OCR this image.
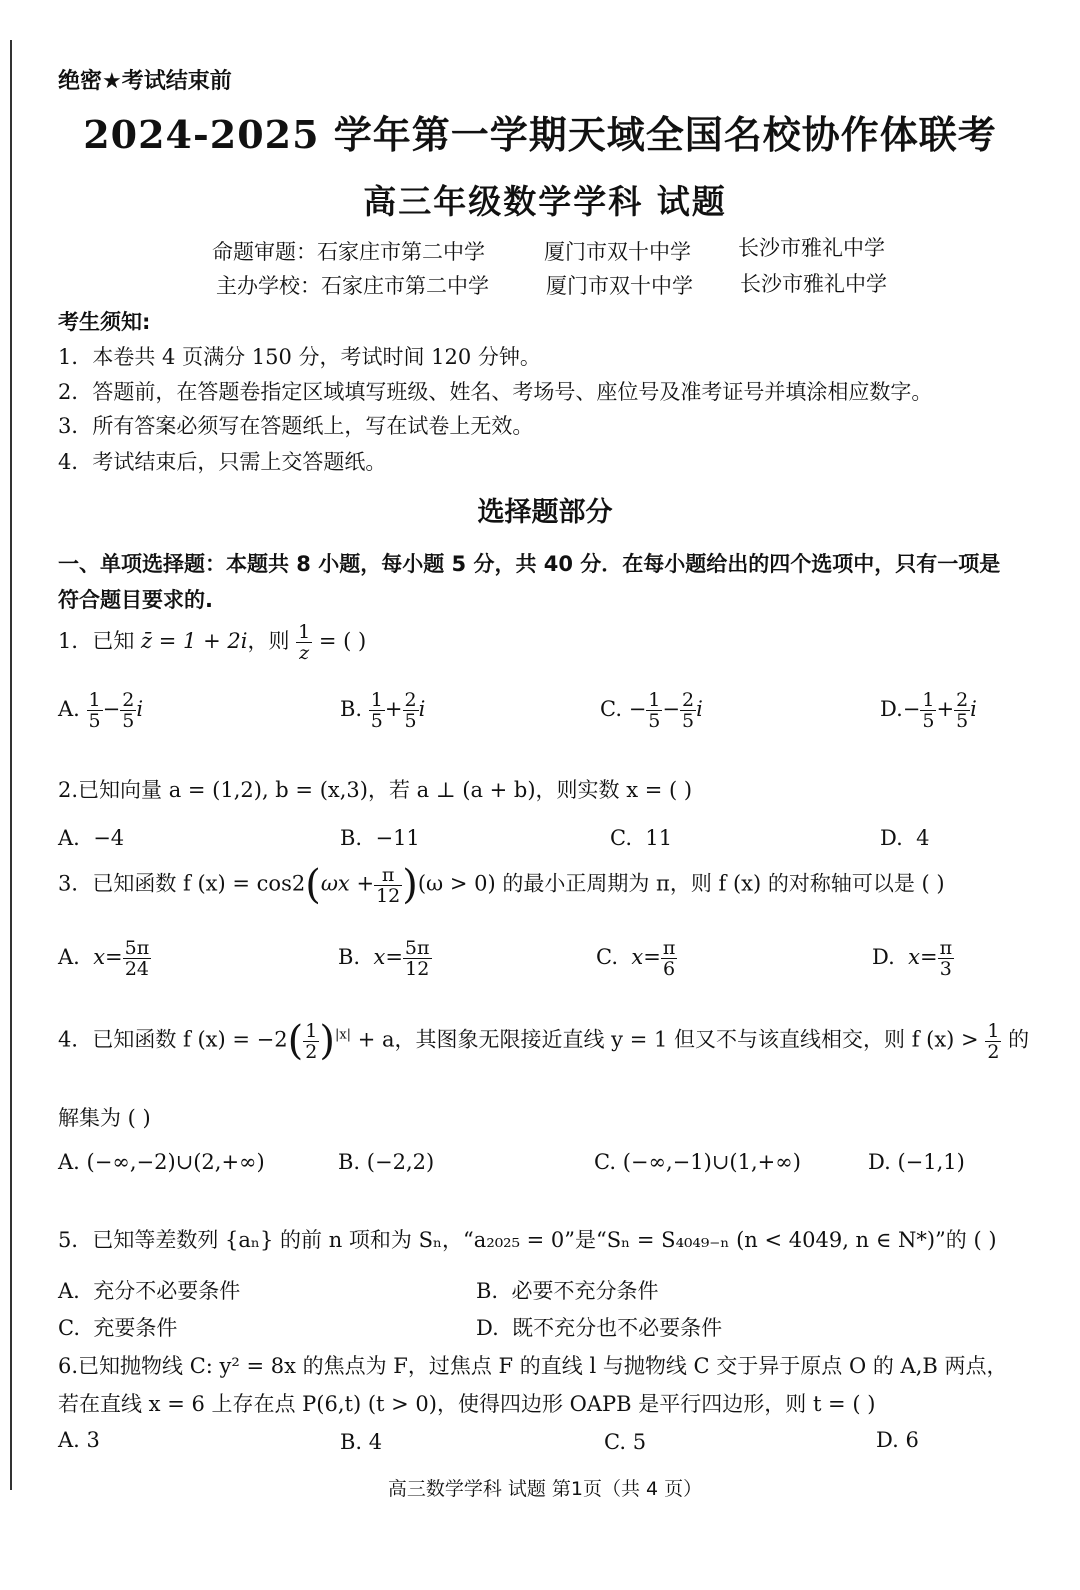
绝密★考试结束前
2024-2025 学年第一学期天域全国名校协作体联考
高三年级数学学科 试题
命题审题：石家庄市第二中学	厦门市双十中学 长沙市雅礼中学
主办学校：石家庄市第二中学	厦门市双十中学 长沙市雅礼中学
考生须知:
1．本卷共 4 页满分 150 分，考试时间 120 分钟。
2．答题前，在答题卷指定区域填写班级、姓名、考场号、座位号及准考证号并填涂相应数字。
3．所有答案必须写在答题纸上，写在试卷上无效。
4．考试结束后，只需上交答题纸。
选择题部分
一、单项选择题：本题共 8 小题，每小题 5 分，共 40 分．在每小题给出的四个选项中，只有一项是
符合题目要求的.
1．已知 z̄ = 1 + 2i，则 $\frac{1}{z}$ = ( )
A. $\frac{1}{5} - \frac{2}{5}$ i	B. $\frac{1}{5} + \frac{2}{5}$ i	C. − $\frac{1}{5} - \frac{2}{5}$ i	$D.- \frac{1}{5} + \frac{2}{5}$ i
2.已知向量 a = (1,2), b = (x,3)，若 a ⊥ (a + b)，则实数 x = ( )
A. −4	B. −11	C. 11	D. 4
3．已知函数 f $(x) = \cos 2(\omega x + \frac{\pi}{12} )(\omega > 0)$ 的最小正周期为 π，则 f (x) 的对称轴可以是 ( )
A. $x= \frac{5\pi}{24}$	B. $x= \frac{5\pi}{12}$	C. $x= \frac{\pi}{6}$	D. $x= \frac{\pi}{3}$
4．已知函数 f $(x) = -2( \frac{1}{2} )^{|x|} + a$，其图象无限接近直线 y = 1 但又不与该直线相交，则 f $(x) > \frac{1}{2}$ 的
解集为 ( )
A. (−∞,−2)∪(2,+∞)	B. (−2,2)	C. (−∞,−1)∪(1,+∞)	D. (−1,1)
5．已知等差数列 {aₙ} 的前 n 项和为 Sₙ，“a₂₀₂₅ = 0”是“Sₙ = S₄₀₄₉₋ₙ (n < 4049, n ∈ N*)”的 ( )
A. 充分不必要条件	B. 必要不充分条件
C. 充要条件	D. 既不充分也不必要条件
6.已知抛物线 C: y² = 8x 的焦点为 F，过焦点 F 的直线 l 与抛物线 C 交于异于原点 O 的 A,B 两点，
若在直线 x = 6 上存在点 P(6,t) (t > 0)，使得四边形 OAPB 是平行四边形，则 t = ( )
A. 3	B. 4	C. 5	D. 6
高三数学学科 试题 第1页（共 4 页）
